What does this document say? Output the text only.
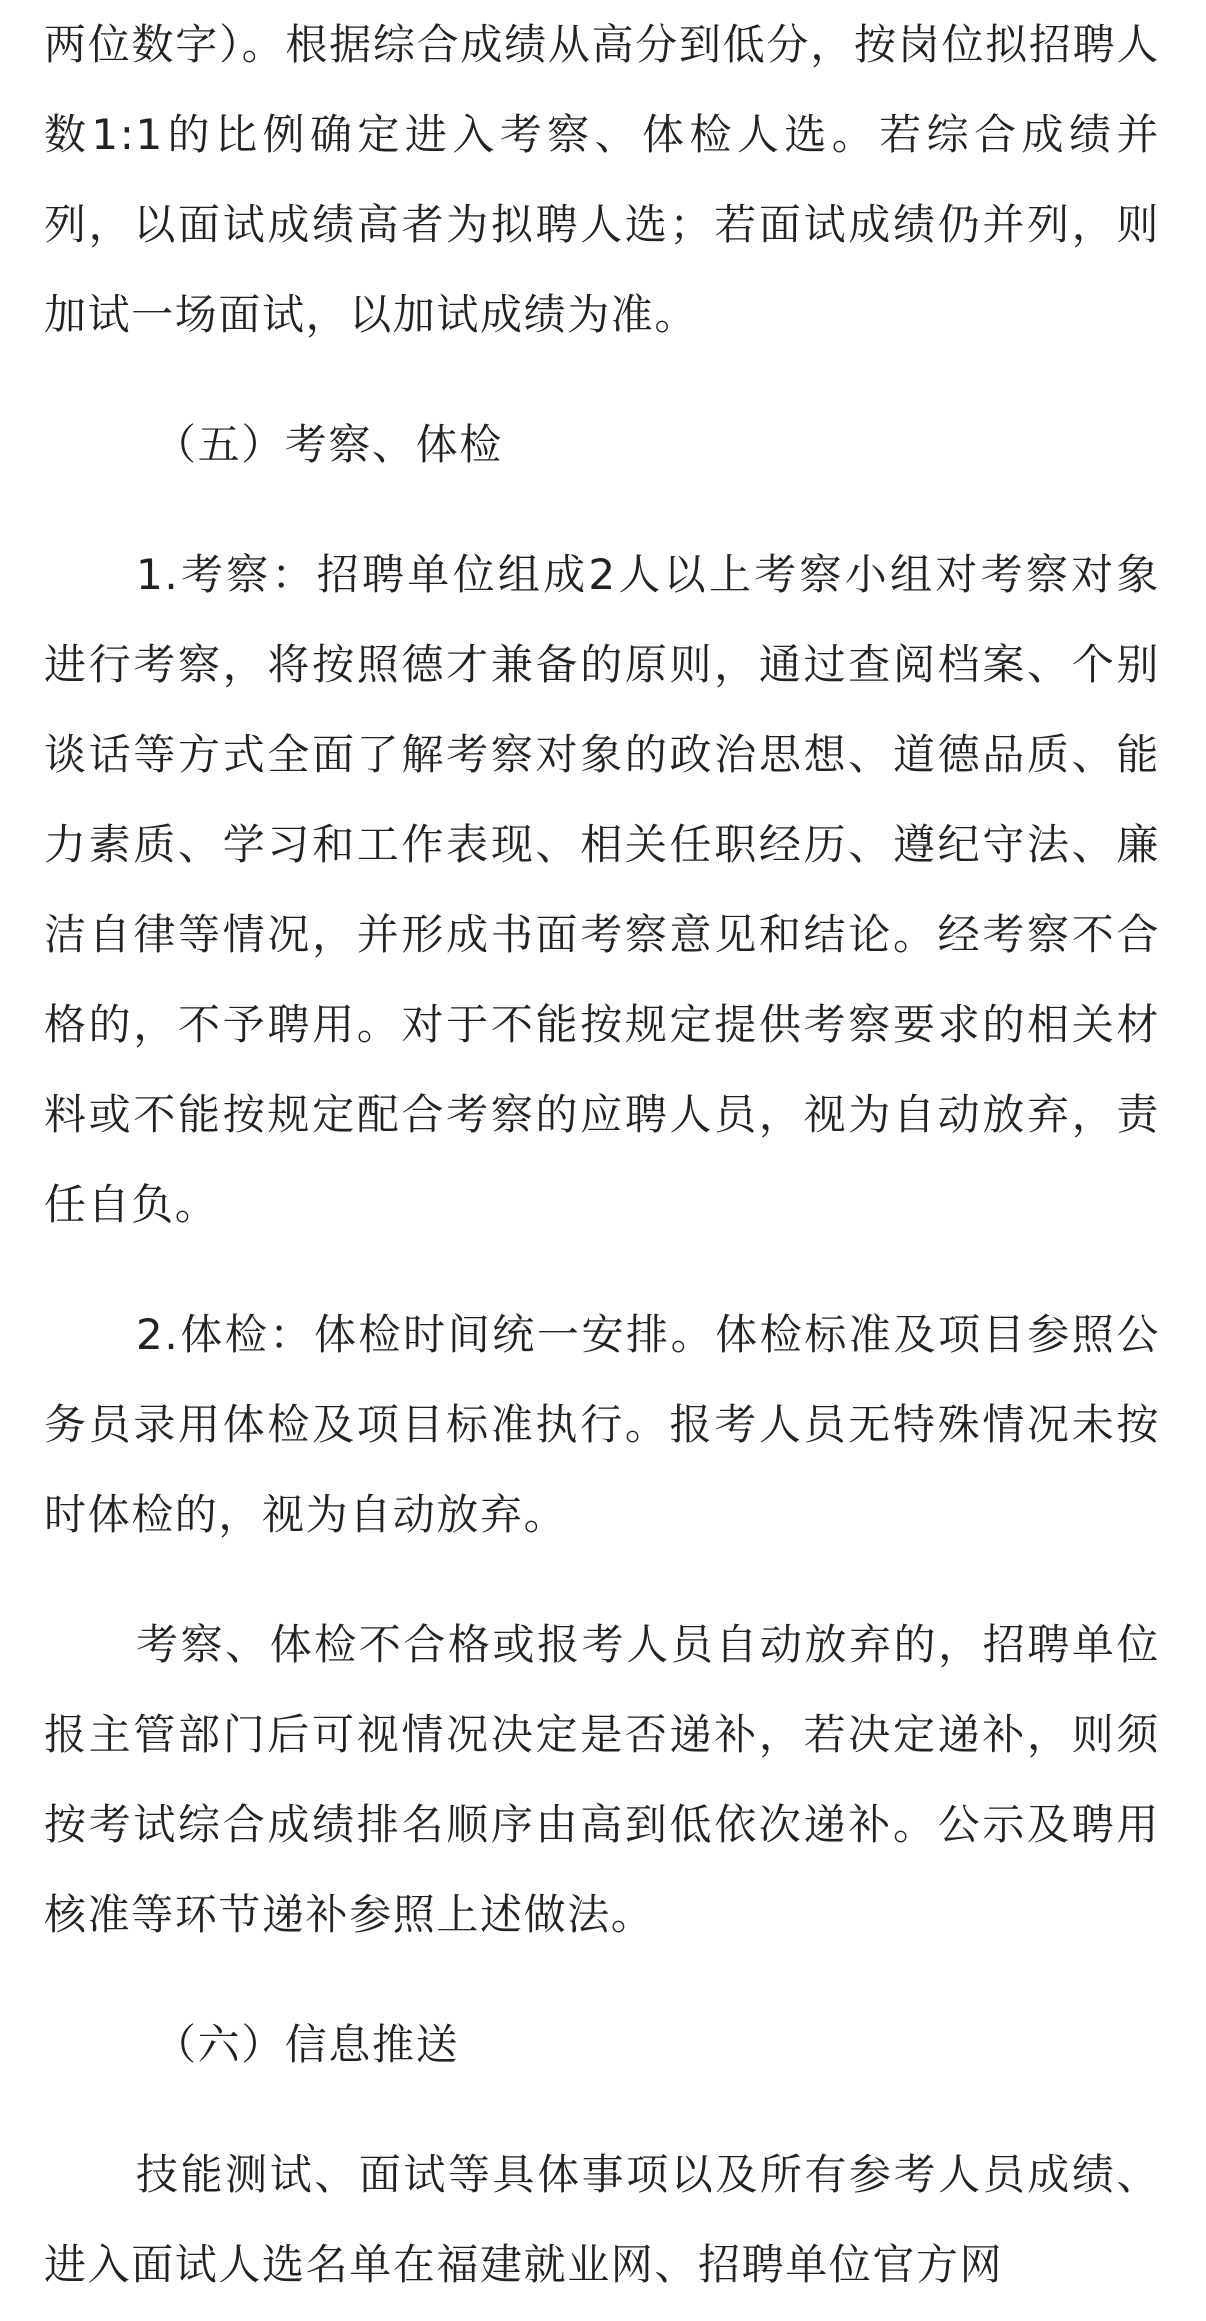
两位数字）。根据综合成绩从高分到低分，按岗位拟招聘人数1:1的比例确定进入考察、体检人选。若综合成绩并列，以面试成绩高者为拟聘人选；若面试成绩仍并列，则加试一场面试，以加试成绩为准。

（五）考察、体检

1.考察：招聘单位组成2人以上考察小组对考察对象进行考察，将按照德才兼备的原则，通过查阅档案、个别谈话等方式全面了解考察对象的政治思想、道德品质、能力素质、学习和工作表现、相关任职经历、遵纪守法、廉洁自律等情况，并形成书面考察意见和结论。经考察不合格的，不予聘用。对于不能按规定提供考察要求的相关材料或不能按规定配合考察的应聘人员，视为自动放弃，责任自负。

2.体检：体检时间统一安排。体检标准及项目参照公务员录用体检及项目标准执行。报考人员无特殊情况未按时体检的，视为自动放弃。

考察、体检不合格或报考人员自动放弃的，招聘单位报主管部门后可视情况决定是否递补，若决定递补，则须按考试综合成绩排名顺序由高到低依次递补。公示及聘用核准等环节递补参照上述做法。

（六）信息推送

技能测试、面试等具体事项以及所有参考人员成绩、进入面试人选名单在福建就业网、招聘单位官方网
